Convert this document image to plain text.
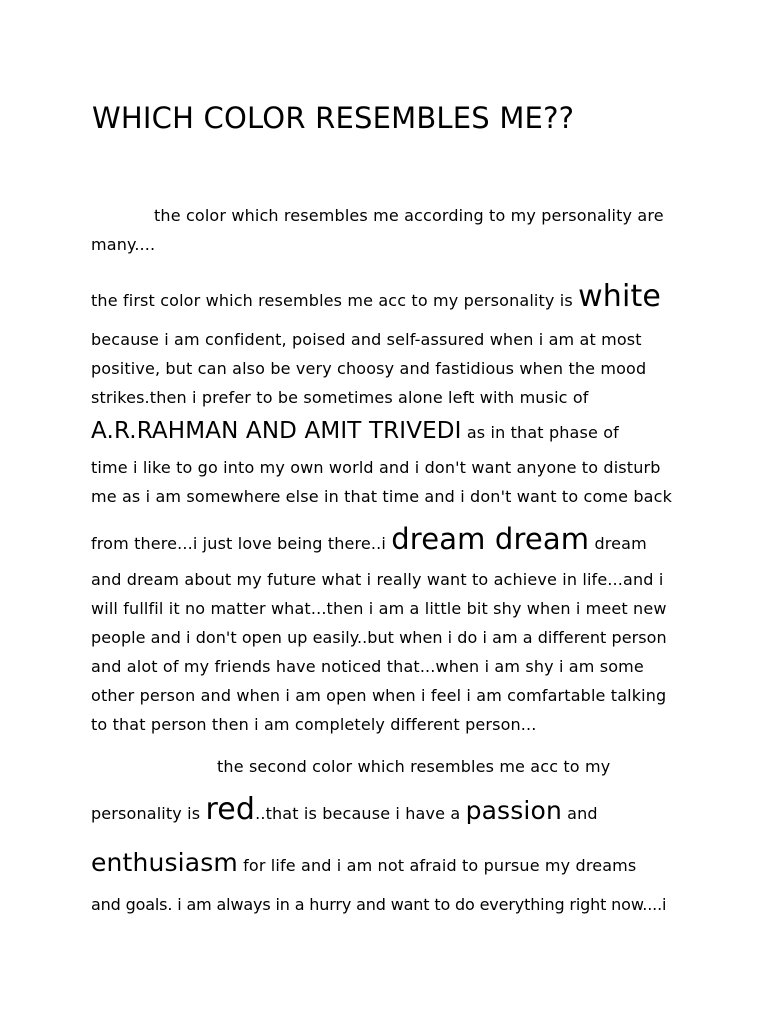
WHICH COLOR RESEMBLES ME??
the color which resembles me according to my personality are
many....
the first color which resembles me acc to my personality is white
because i am confident, poised and self-assured when i am at most
positive, but can also be very choosy and fastidious when the mood
strikes.then i prefer to be sometimes alone left with music of
A.R.RAHMAN AND AMIT TRIVEDI as in that phase of
time i like to go into my own world and i don't want anyone to disturb
me as i am somewhere else in that time and i don't want to come back
from there...i just love being there..i dream dream dream
and dream about my future what i really want to achieve in life...and i
will fullfil it no matter what...then i am a little bit shy when i meet new
people and i don't open up easily..but when i do i am a different person
and alot of my friends have noticed that...when i am shy i am some
other person and when i am open when i feel i am comfartable talking
to that person then i am completely different person...
the second color which resembles me acc to my
personality is red..that is because i have a passion and
enthusiasm for life and i am not afraid to pursue my dreams
and goals. i am always in a hurry and want to do everything right now....i
